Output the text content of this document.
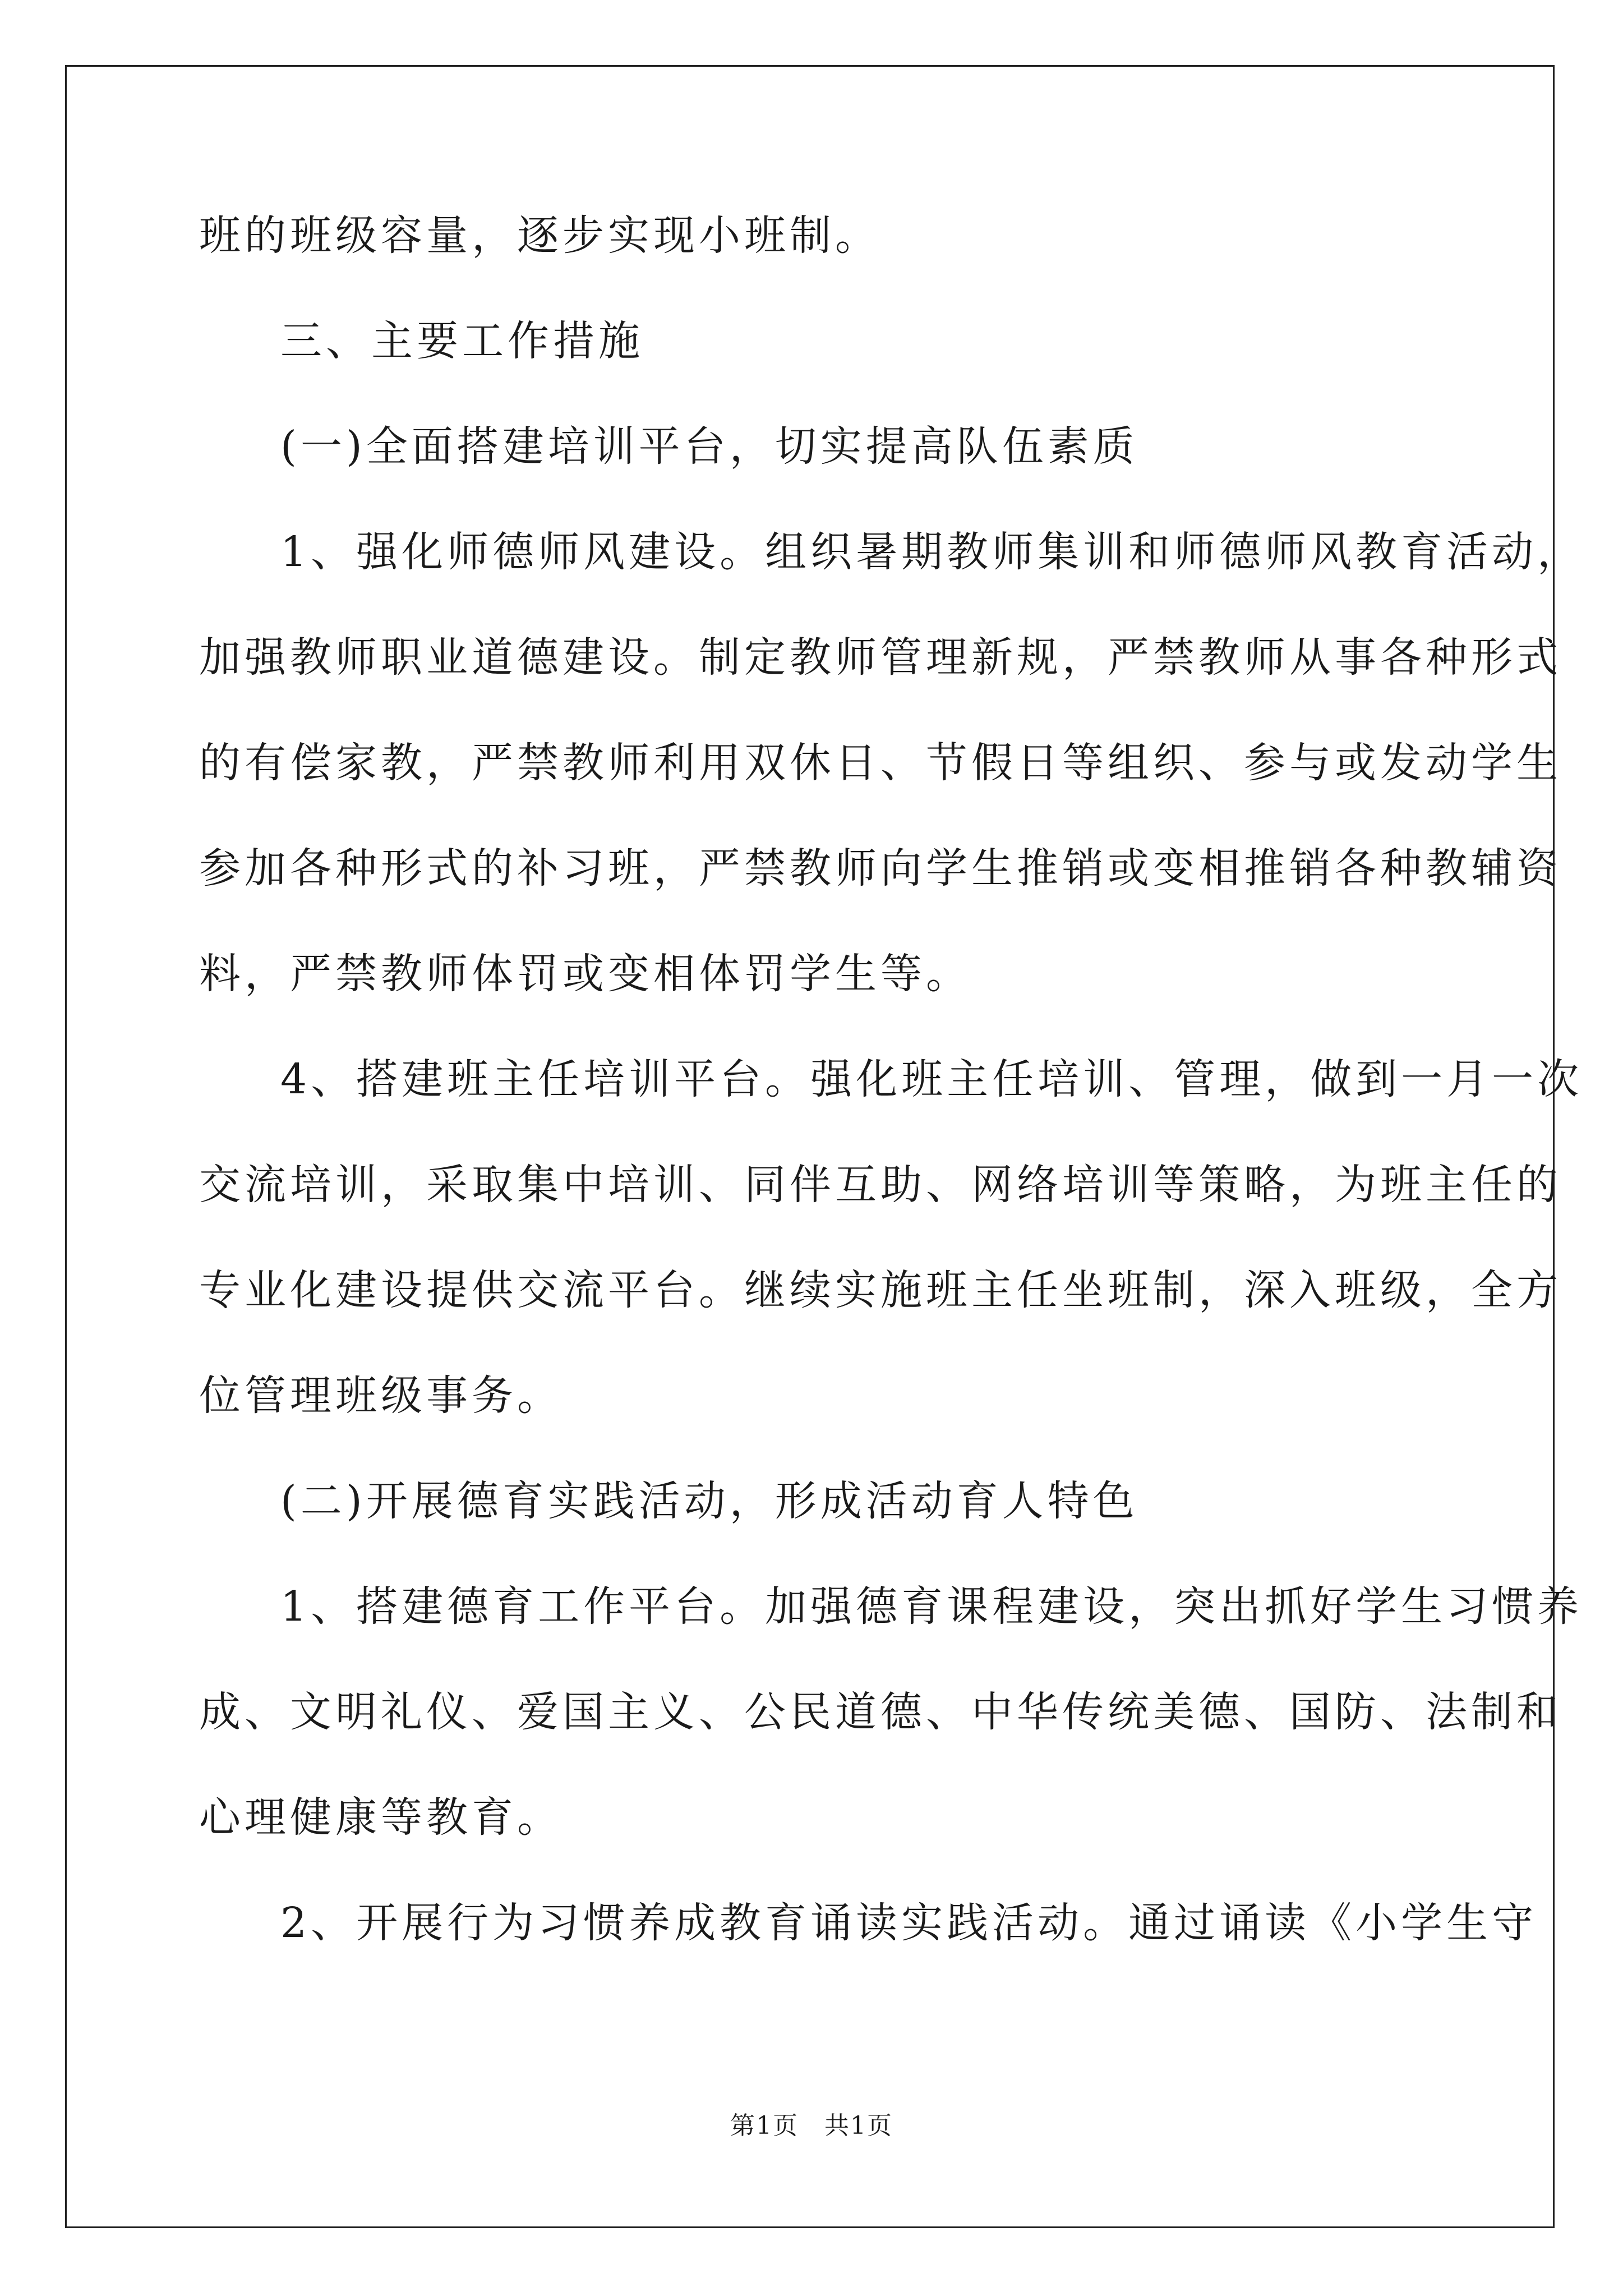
班的班级容量，逐步实现小班制。
三、主要工作措施
(一)全面搭建培训平台，切实提高队伍素质
1、强化师德师风建设。组织暑期教师集训和师德师风教育活动，
加强教师职业道德建设。制定教师管理新规，严禁教师从事各种形式
的有偿家教，严禁教师利用双休日、节假日等组织、参与或发动学生
参加各种形式的补习班，严禁教师向学生推销或变相推销各种教辅资
料，严禁教师体罚或变相体罚学生等。
4、搭建班主任培训平台。强化班主任培训、管理，做到一月一次
交流培训，采取集中培训、同伴互助、网络培训等策略，为班主任的
专业化建设提供交流平台。继续实施班主任坐班制，深入班级，全方
位管理班级事务。
(二)开展德育实践活动，形成活动育人特色
1、搭建德育工作平台。加强德育课程建设，突出抓好学生习惯养
成、文明礼仪、爱国主义、公民道德、中华传统美德、国防、法制和
心理健康等教育。
2、开展行为习惯养成教育诵读实践活动。通过诵读《小学生守
第1页　共1页
